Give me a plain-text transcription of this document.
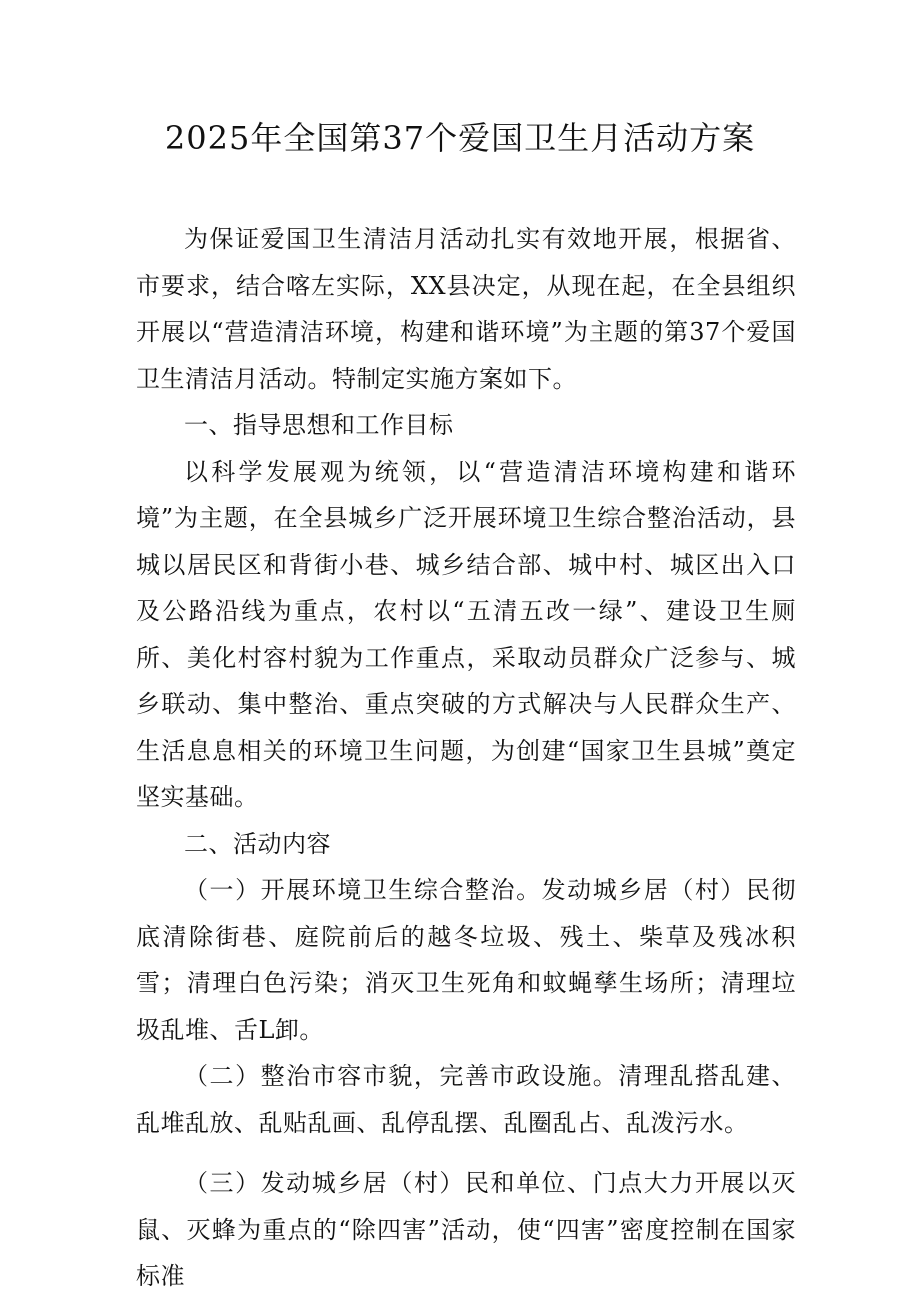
2025年全国第37个爱国卫生月活动方案

为保证爱国卫生清洁月活动扎实有效地开展，根据省、市要求，结合喀左实际，XX县决定，从现在起，在全县组织开展以“营造清洁环境，构建和谐环境”为主题的第37个爱国卫生清洁月活动。特制定实施方案如下。

一、指导思想和工作目标

以科学发展观为统领，以“营造清洁环境构建和谐环境”为主题，在全县城乡广泛开展环境卫生综合整治活动，县城以居民区和背街小巷、城乡结合部、城中村、城区出入口及公路沿线为重点，农村以“五清五改一绿”、建设卫生厕所、美化村容村貌为工作重点，采取动员群众广泛参与、城乡联动、集中整治、重点突破的方式解决与人民群众生产、生活息息相关的环境卫生问题，为创建“国家卫生县城”奠定坚实基础。

二、活动内容

（一）开展环境卫生综合整治。发动城乡居（村）民彻底清除街巷、庭院前后的越冬垃圾、残土、柴草及残冰积雪；清理白色污染；消灭卫生死角和蚊蝇孳生场所；清理垃圾乱堆、舌L卸。

（二）整治市容市貌，完善市政设施。清理乱搭乱建、乱堆乱放、乱贴乱画、乱停乱摆、乱圈乱占、乱泼污水。

（三）发动城乡居（村）民和单位、门点大力开展以灭鼠、灭蜂为重点的“除四害”活动，使“四害”密度控制在国家标准
